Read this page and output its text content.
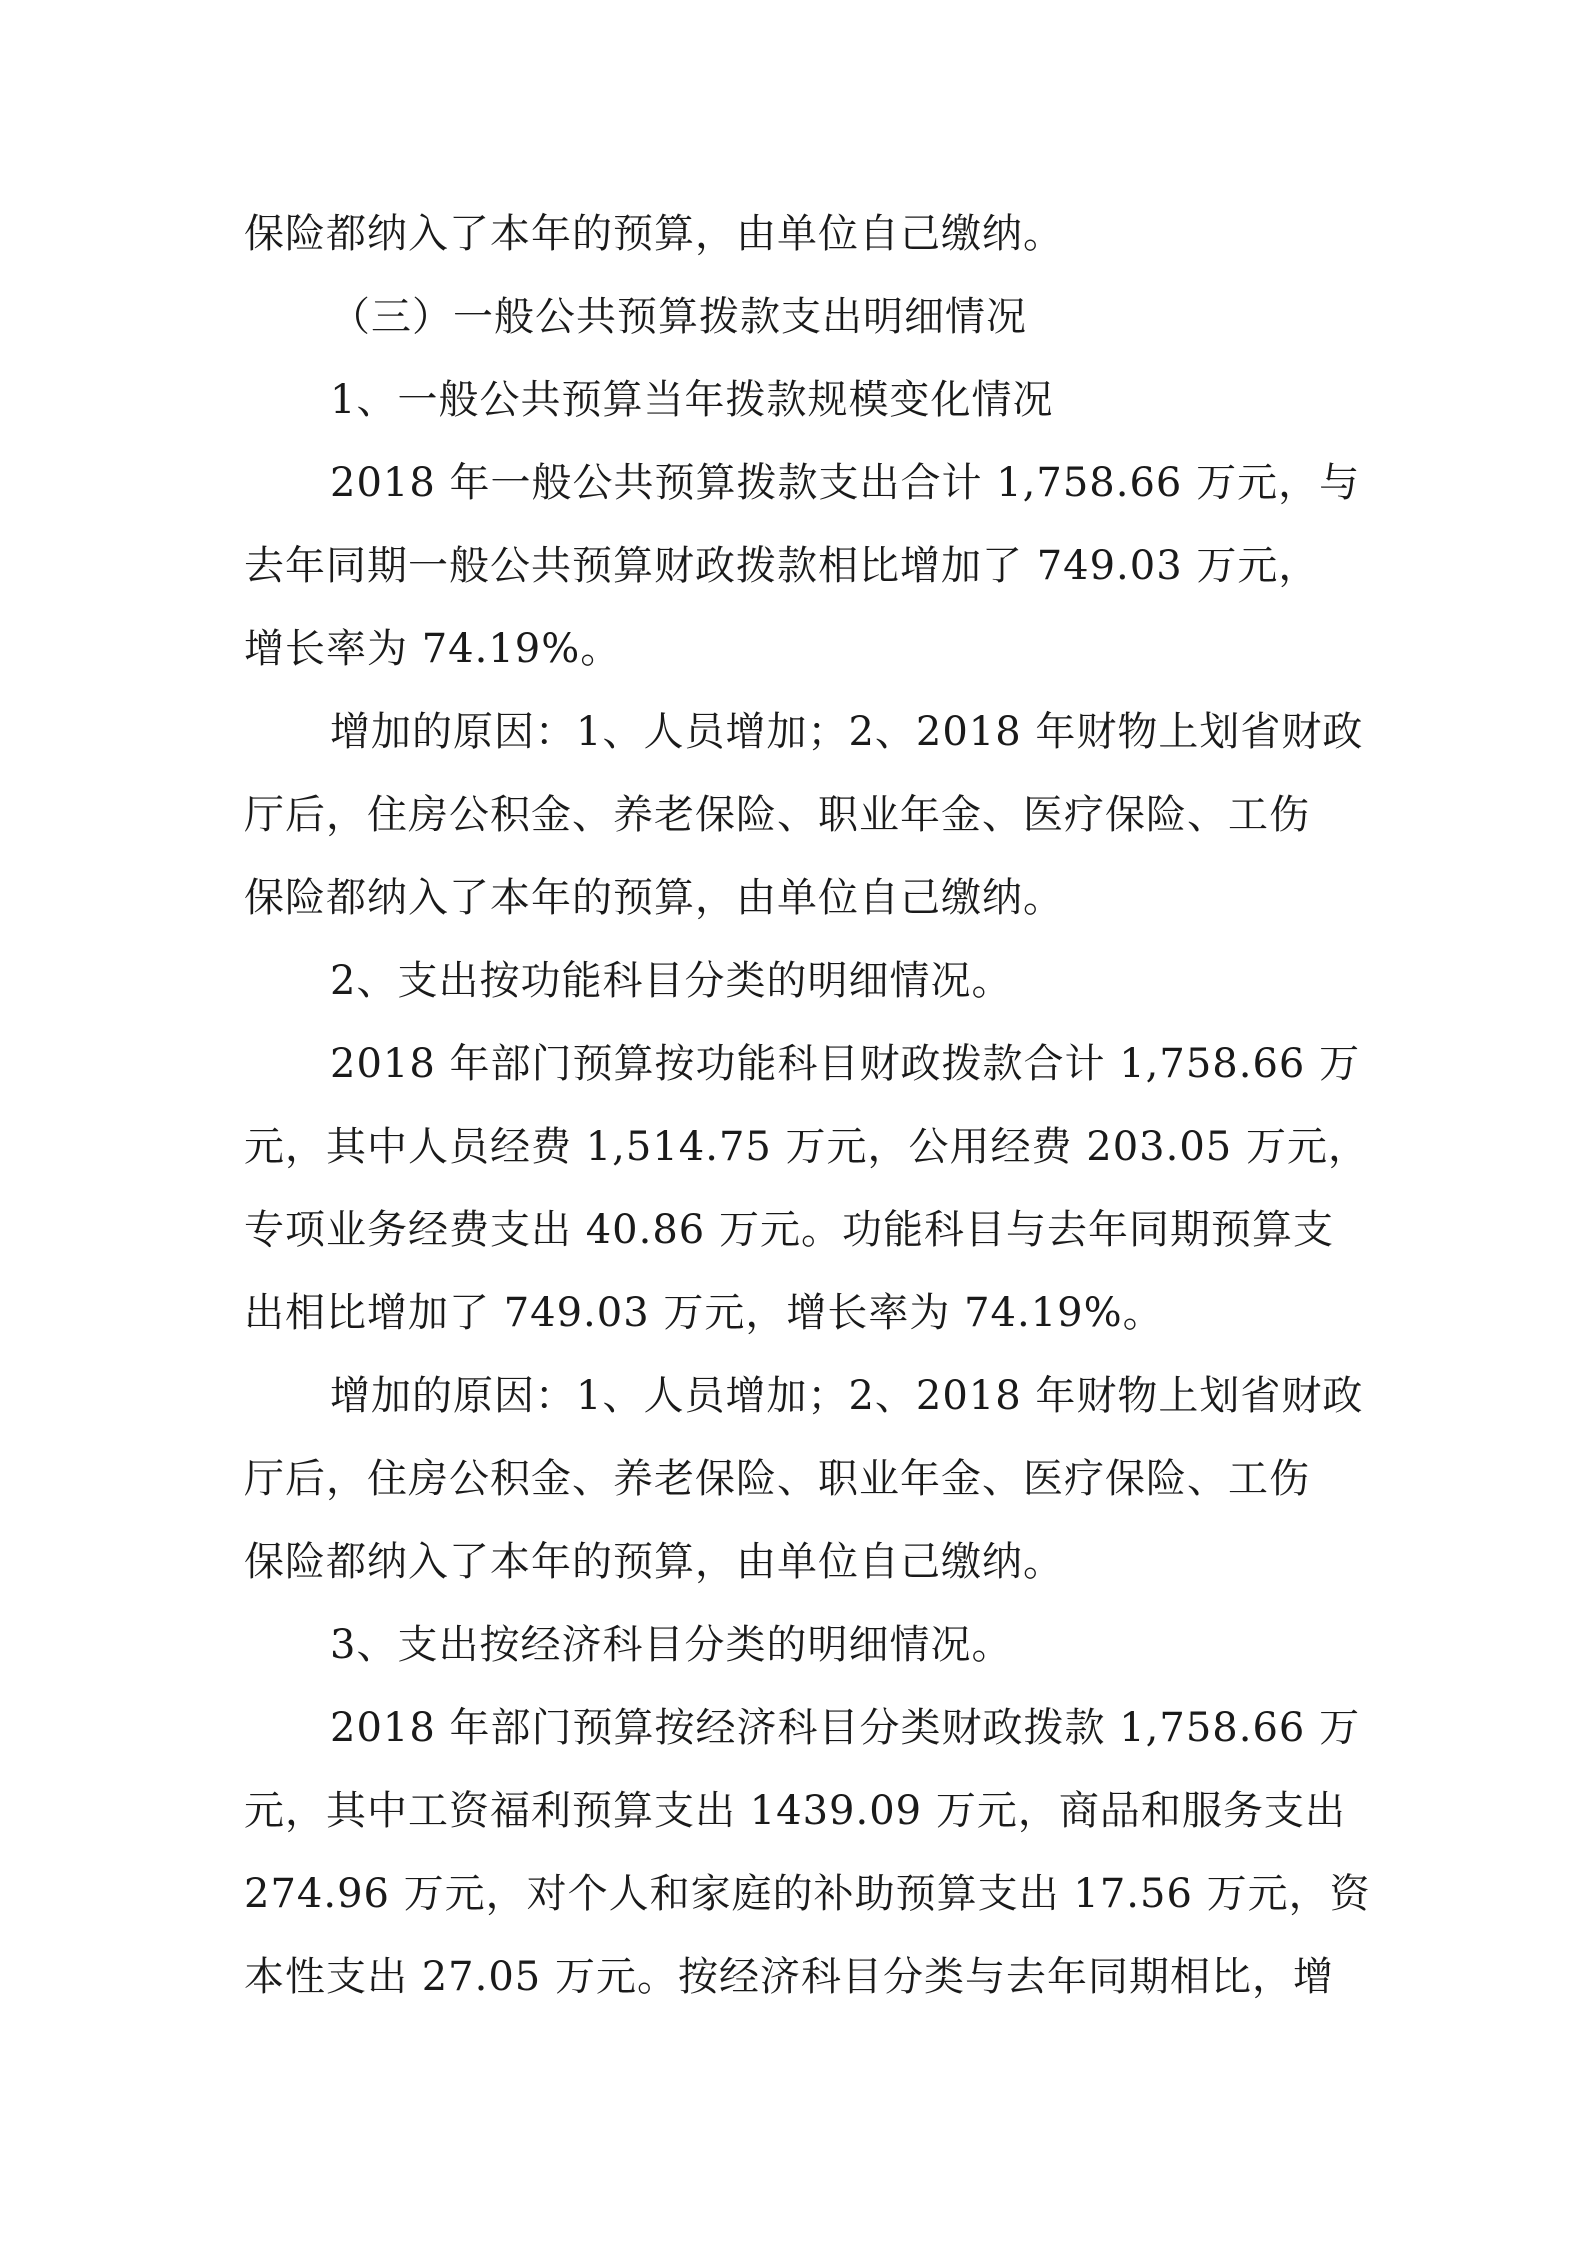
保险都纳入了本年的预算，由单位自己缴纳。
（三）一般公共预算拨款支出明细情况
1、一般公共预算当年拨款规模变化情况
2018 年一般公共预算拨款支出合计 1,758.66 万元，与
去年同期一般公共预算财政拨款相比增加了 749.03 万元，
增长率为 74.19%。
增加的原因：1、人员增加；2、2018 年财物上划省财政
厅后，住房公积金、养老保险、职业年金、医疗保险、工伤
保险都纳入了本年的预算，由单位自己缴纳。
2、支出按功能科目分类的明细情况。
2018 年部门预算按功能科目财政拨款合计 1,758.66 万
元，其中人员经费 1,514.75 万元，公用经费 203.05 万元，
专项业务经费支出 40.86 万元。功能科目与去年同期预算支
出相比增加了 749.03 万元，增长率为 74.19%。
增加的原因：1、人员增加；2、2018 年财物上划省财政
厅后，住房公积金、养老保险、职业年金、医疗保险、工伤
保险都纳入了本年的预算，由单位自己缴纳。
3、支出按经济科目分类的明细情况。
2018 年部门预算按经济科目分类财政拨款 1,758.66 万
元，其中工资福利预算支出 1439.09 万元，商品和服务支出
274.96 万元，对个人和家庭的补助预算支出 17.56 万元，资
本性支出 27.05 万元。按经济科目分类与去年同期相比，增
